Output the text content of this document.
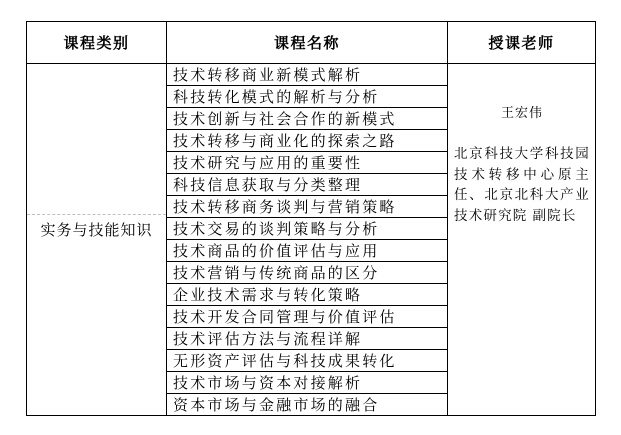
课程类别	课程名称	授课老师

实务与技能知识	技术转移商业新模式解析	王宏伟
北京科技大学科技园技术转移中心原主任、北京北科大产业技术研究院 副院长

	科技转化模式的解析与分析	
	技术创新与社会合作的新模式	
	技术转移与商业化的探索之路	
	技术研究与应用的重要性	
	科技信息获取与分类整理	
	技术转移商务谈判与营销策略	
	技术交易的谈判策略与分析	
	技术商品的价值评估与应用	
	技术营销与传统商品的区分	
	企业技术需求与转化策略	
	技术开发合同管理与价值评估	
	技术评估方法与流程详解	
	无形资产评估与科技成果转化	
	技术市场与资本对接解析	
	资本市场与金融市场的融合	
